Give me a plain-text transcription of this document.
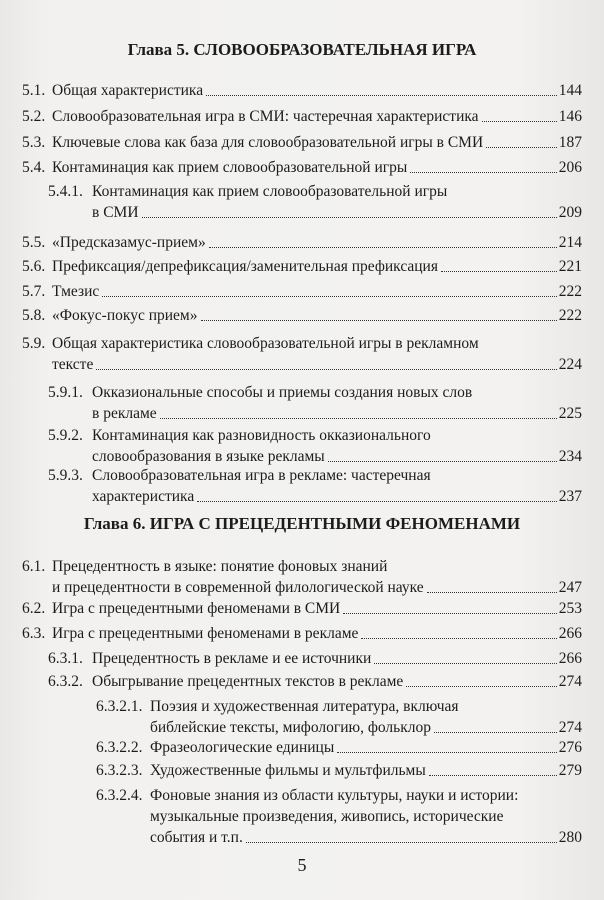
Глава 5. СЛОВООБРАЗОВАТЕЛЬНАЯ ИГРА
5.1. Общая характеристика	144
5.2. Словообразовательная игра в СМИ: частеречная характеристика	146
5.3. Ключевые слова как база для словообразовательной игры в СМИ	187
5.4. Контаминация как прием словообразовательной игры	206
5.4.1. Контаминация как прием словообразовательной игры
в СМИ	209
5.5. «Предсказамус-прием»	214
5.6. Префиксация/депрефиксация/заменительная префиксация	221
5.7. Тмезис	222
5.8. «Фокус-покус прием»	222
5.9. Общая характеристика словообразовательной игры в рекламном
тексте	224
5.9.1. Окказиональные способы и приемы создания новых слов
в рекламе	225
5.9.2. Контаминация как разновидность окказионального
словообразования в языке рекламы	234
5.9.3. Словообразовательная игра в рекламе: частеречная
характеристика	237
Глава 6. ИГРА С ПРЕЦЕДЕНТНЫМИ ФЕНОМЕНАМИ
6.1. Прецедентность в языке: понятие фоновых знаний
и прецедентности в современной филологической науке	247
6.2. Игра с прецедентными феноменами в СМИ	253
6.3. Игра с прецедентными феноменами в рекламе	266
6.3.1. Прецедентность в рекламе и ее источники	266
6.3.2. Обыгрывание прецедентных текстов в рекламе	274
6.3.2.1. Поэзия и художественная литература, включая
библейские тексты, мифологию, фольклор	274
6.3.2.2. Фразеологические единицы	276
6.3.2.3. Художественные фильмы и мультфильмы	279
6.3.2.4. Фоновые знания из области культуры, науки и истории:
музыкальные произведения, живопись, исторические
события и т.п.	280
5
